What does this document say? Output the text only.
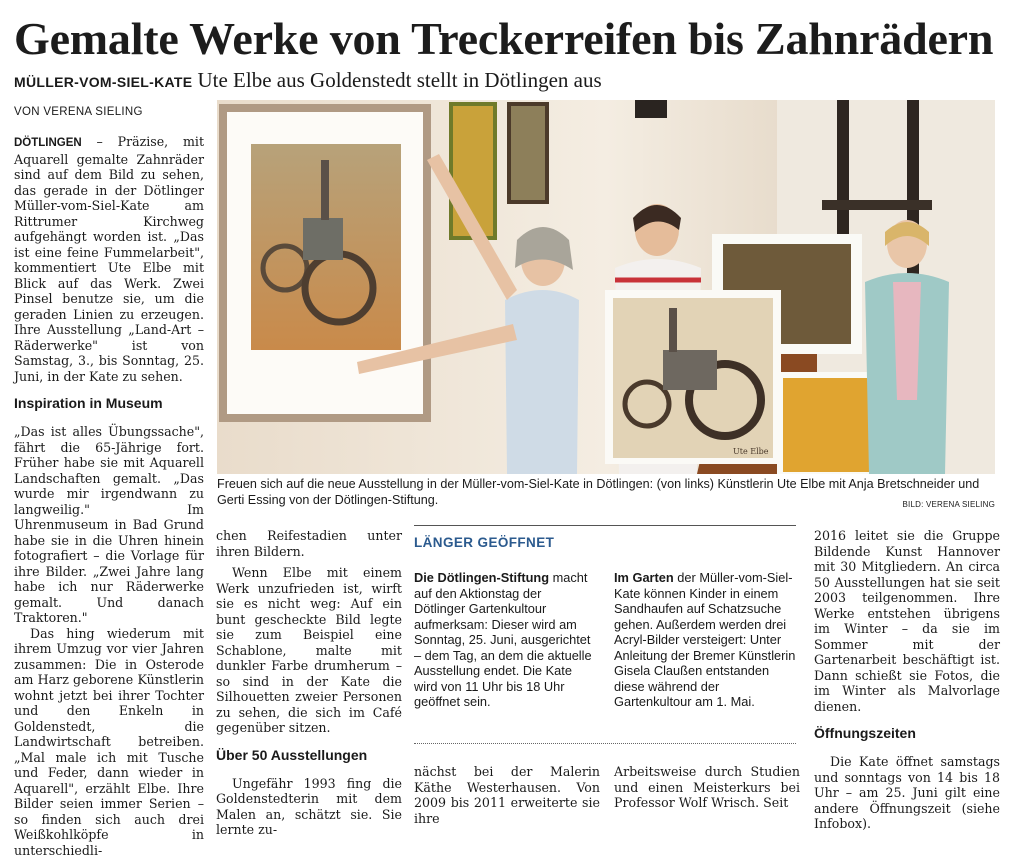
Gemalte Werke von Treckerreifen bis Zahnrädern
MÜLLER-VOM-SIEL-KATE Ute Elbe aus Goldenstedt stellt in Dötlingen aus
VON VERENA SIELING

DÖTLINGEN – Präzise, mit Aquarell gemalte Zahnräder sind auf dem Bild zu sehen, das gerade in der Dötlinger Müller-vom-Siel-Kate am Rittrumer Kirchweg aufgehängt worden ist. „Das ist eine feine Fummelarbeit", kommentiert Ute Elbe mit Blick auf das Werk. Zwei Pinsel benutze sie, um die geraden Linien zu erzeugen. Ihre Ausstellung „Land-Art – Räderwerke" ist von Samstag, 3., bis Sonntag, 25. Juni, in der Kate zu sehen.

Inspiration in Museum

„Das ist alles Übungssache", fährt die 65-Jährige fort. Früher habe sie mit Aquarell Landschaften gemalt. „Das wurde mir irgendwann zu langweilig." Im Uhrenmuseum in Bad Grund habe sie in die Uhren hinein fotografiert – die Vorlage für ihre Bilder. „Zwei Jahre lang habe ich nur Räderwerke gemalt. Und danach Traktoren."

Das hing wiederum mit ihrem Umzug vor vier Jahren zusammen: Die in Osterode am Harz geborene Künstlerin wohnt jetzt bei ihrer Tochter und den Enkeln in Goldenstedt, die Landwirtschaft betreiben. „Mal male ich mit Tusche und Feder, dann wieder in Aquarell", erzählt Elbe. Ihre Bilder seien immer Serien – so finden sich auch drei Weißkohlköpfe in unterschiedli-

Ute Elbe
Freuen sich auf die neue Ausstellung in der Müller-vom-Siel-Kate in Dötlingen: (von links) Künstlerin Ute Elbe mit Anja Bretschneider und Gerti Essing von der Dötlingen-Stiftung.	BILD: VERENA SIELING

chen Reifestadien unter ihren Bildern.

Wenn Elbe mit einem Werk unzufrieden ist, wirft sie es nicht weg: Auf ein bunt gescheckte Bild legte sie zum Beispiel eine Schablone, malte mit dunkler Farbe drumherum – so sind in der Kate die Silhouetten zweier Personen zu sehen, die sich im Café gegenüber sitzen.

Über 50 Ausstellungen

Ungefähr 1993 fing die Goldenstedterin mit dem Malen an, schätzt sie. Sie lernte zu-

LÄNGER GEÖFFNET
Die Dötlingen-Stiftung macht auf den Aktionstag der Dötlinger Gartenkultour aufmerksam: Dieser wird am Sonntag, 25. Juni, ausgerichtet – dem Tag, an dem die aktuelle Ausstellung endet. Die Kate wird von 11 Uhr bis 18 Uhr geöffnet sein.
Im Garten der Müller-vom-Siel-Kate können Kinder in einem Sandhaufen auf Schatzsuche gehen. Außerdem werden drei Acryl-Bilder versteigert: Unter Anleitung der Bremer Künstlerin Gisela Claußen entstanden diese während der Gartenkultour am 1. Mai.

nächst bei der Malerin Käthe Westerhausen. Von 2009 bis 2011 erweiterte sie ihre

Arbeitsweise durch Studien und einen Meisterkurs bei Professor Wolf Wrisch. Seit

2016 leitet sie die Gruppe Bildende Kunst Hannover mit 30 Mitgliedern. An circa 50 Ausstellungen hat sie seit 2003 teilgenommen. Ihre Werke entstehen übrigens im Winter – da sie im Sommer mit der Gartenarbeit beschäftigt ist. Dann schießt sie Fotos, die im Winter als Malvorlage dienen.

Öffnungszeiten

Die Kate öffnet samstags und sonntags von 14 bis 18 Uhr – am 25. Juni gilt eine andere Öffnungszeit (siehe Infobox).
